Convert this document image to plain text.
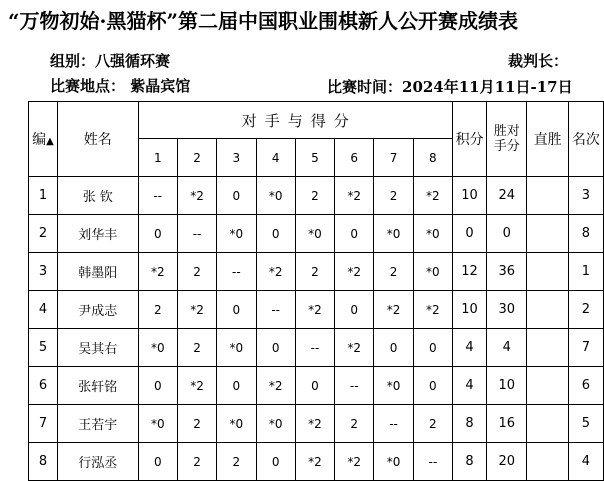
“万物初始·黑猫杯”第二届中国职业围棋新人公开赛成绩表
组别：八强循环赛	裁判长：
比赛地点： 紫晶宾馆	比赛时间：2024年11月11日-17日
编▲	姓名	对手与得分								积分	胜对
手分	直胜	名次
		1	2	3	4	5	6	7	8				
1	张 钦	--	*2	0	*0	2	*2	2	*2	10	24		3
2	刘华丰	0	--	*0	0	*0	0	*0	*0	0	0		8
3	韩墨阳	*2	2	--	*2	2	*2	2	*0	12	36		1
4	尹成志	2	*2	0	--	*2	0	*2	*2	10	30		2
5	吴其右	*0	2	*0	0	--	*2	0	0	4	4		7
6	张轩铭	0	*2	0	*2	0	--	*0	0	4	10		6
7	王若宇	*0	2	*0	*0	*2	2	--	2	8	16		5
8	行泓丞	0	2	2	0	*2	*2	*0	--	8	20		4
